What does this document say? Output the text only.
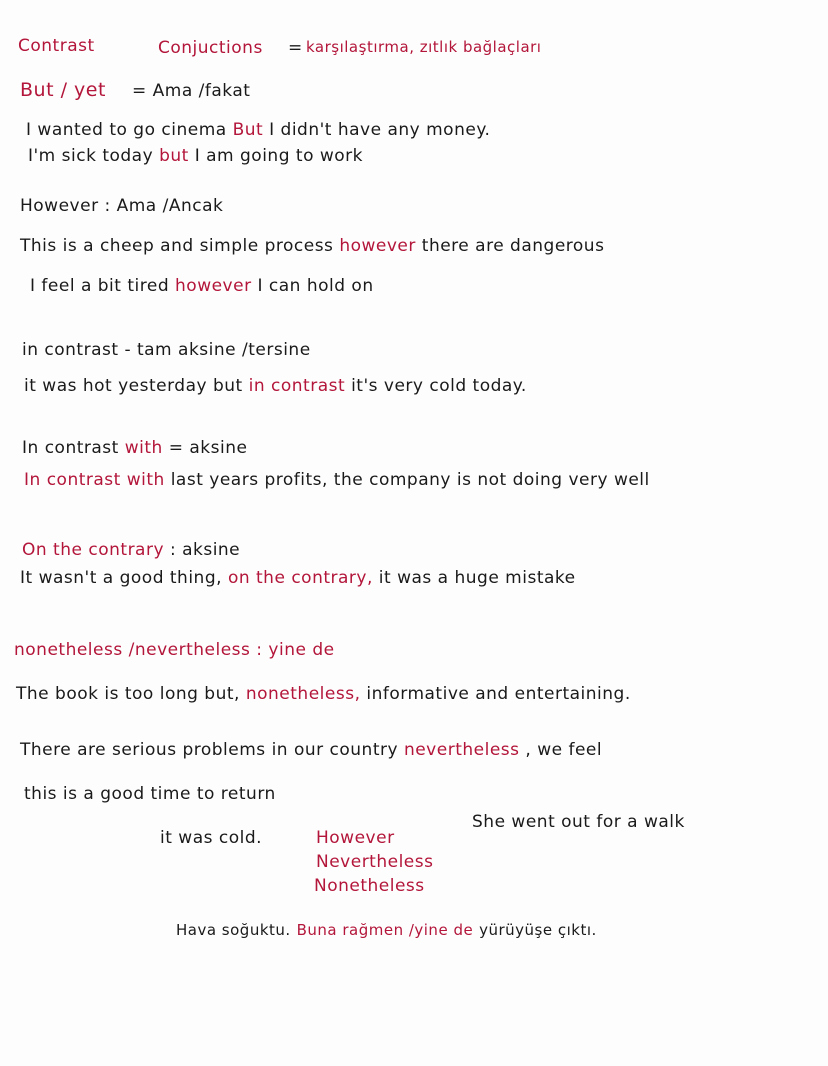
Contrast	Conjuctions = karşılaştırma, zıtlık bağlaçları
But / yet = Ama /fakat
I wanted to go cinema But I didn't have any money.
I'm sick today but I am going to work
However : Ama /Ancak
This is a cheep and simple process however there are dangerous
I feel a bit tired however I can hold on
in contrast - tam aksine /tersine
it was hot yesterday but in contrast it's very cold today.
In contrast with = aksine
In contrast with last years profits, the company is not doing very well
On the contrary : aksine
It wasn't a good thing, on the contrary, it was a huge mistake
nonetheless /nevertheless : yine de
The book is too long but, nonetheless, informative and entertaining.
There are serious problems in our country nevertheless , we feel
this is a good time to return
it was cold.	However
Nevertheless
Nonetheless
She went out for a walk
Hava soğuktu. Buna rağmen /yine de yürüyüşe çıktı.
